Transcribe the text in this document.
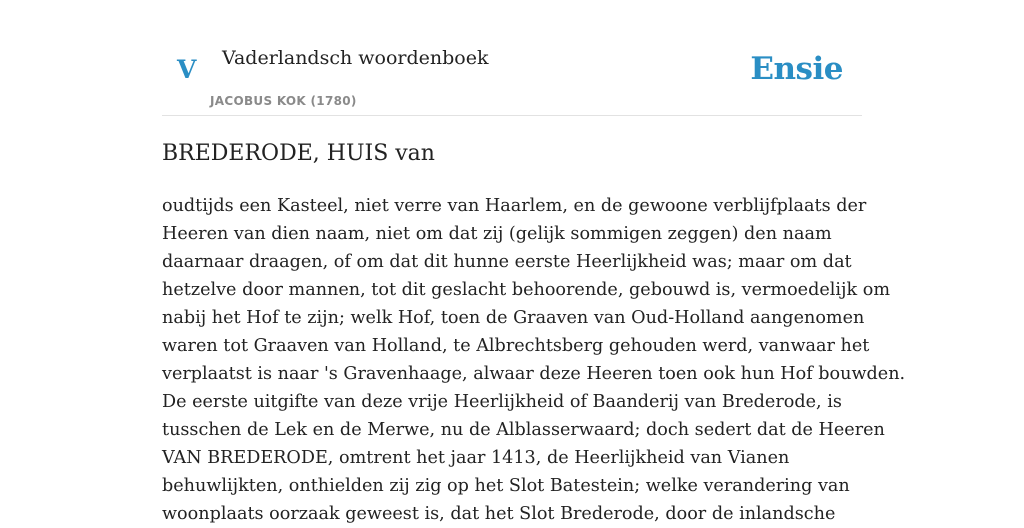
V Vaderlandsch woordenboek
JACOBUS KOK (1780)
Ensie
BREDERODE, HUIS van

oudtijds een Kasteel, niet verre van Haarlem, en de gewoone verblijfplaats der
Heeren van dien naam, niet om dat zij (gelijk sommigen zeggen) den naam
daarnaar draagen, of om dat dit hunne eerste Heerlijkheid was; maar om dat
hetzelve door mannen, tot dit geslacht behoorende, gebouwd is, vermoedelijk om
nabij het Hof te zijn; welk Hof, toen de Graaven van Oud-Holland aangenomen
waren tot Graaven van Holland, te Albrechtsberg gehouden werd, vanwaar het
verplaatst is naar 's Gravenhaage, alwaar deze Heeren toen ook hun Hof bouwden.
De eerste uitgifte van deze vrije Heerlijkheid of Baanderij van Brederode, is
tusschen de Lek en de Merwe, nu de Alblasserwaard; doch sedert dat de Heeren
VAN BREDERODE, omtrent het jaar 1413, de Heerlijkheid van Vianen
behuwlijkten, onthielden zij zig op het Slot Batestein; welke verandering van
woonplaats oorzaak geweest is, dat het Slot Brederode, door de inlandsche
